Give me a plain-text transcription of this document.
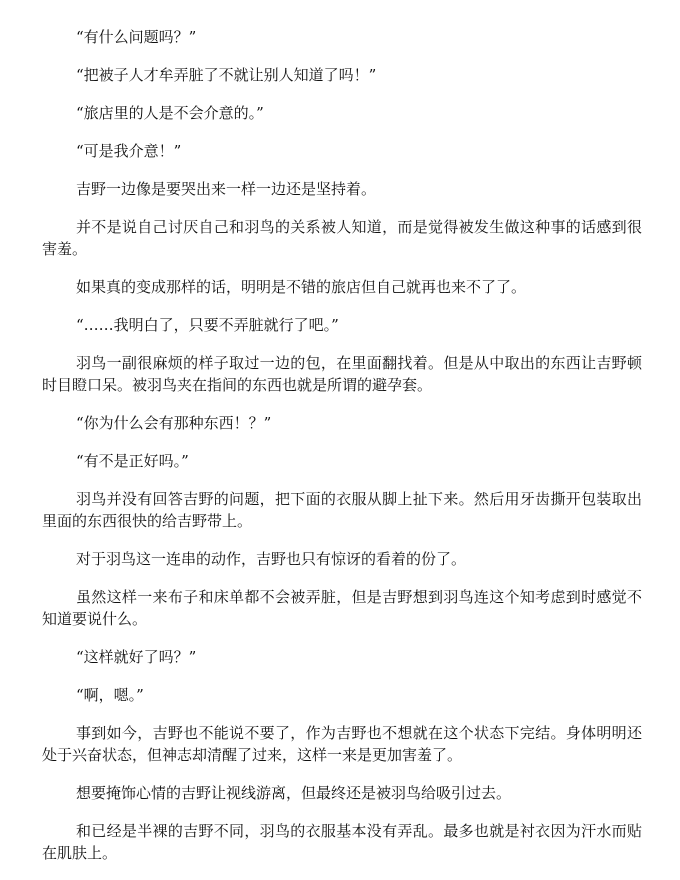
“有什么问题吗？”

“把被子人才牟弄脏了不就让别人知道了吗！”

“旅店里的人是不会介意的。”

“可是我介意！”

吉野一边像是要哭出来一样一边还是坚持着。

并不是说自己讨厌自己和羽鸟的关系被人知道，而是觉得被发生做这种事的话感到很害羞。

如果真的变成那样的话，明明是不错的旅店但自己就再也来不了了。

“……我明白了，只要不弄脏就行了吧。”

羽鸟一副很麻烦的样子取过一边的包，在里面翻找着。但是从中取出的东西让吉野顿时目瞪口呆。被羽鸟夹在指间的东西也就是所谓的避孕套。

“你为什么会有那种东西！？”

“有不是正好吗。”

羽鸟并没有回答吉野的问题，把下面的衣服从脚上扯下来。然后用牙齿撕开包装取出里面的东西很快的给吉野带上。

对于羽鸟这一连串的动作，吉野也只有惊讶的看着的份了。

虽然这样一来布子和床单都不会被弄脏，但是吉野想到羽鸟连这个知考虑到时感觉不知道要说什么。

“这样就好了吗？”

“啊，嗯。”

事到如今，吉野也不能说不要了，作为吉野也不想就在这个状态下完结。身体明明还处于兴奋状态，但神志却清醒了过来，这样一来是更加害羞了。

想要掩饰心情的吉野让视线游离，但最终还是被羽鸟给吸引过去。

和已经是半裸的吉野不同，羽鸟的衣服基本没有弄乱。最多也就是衬衣因为汗水而贴在肌肤上。
